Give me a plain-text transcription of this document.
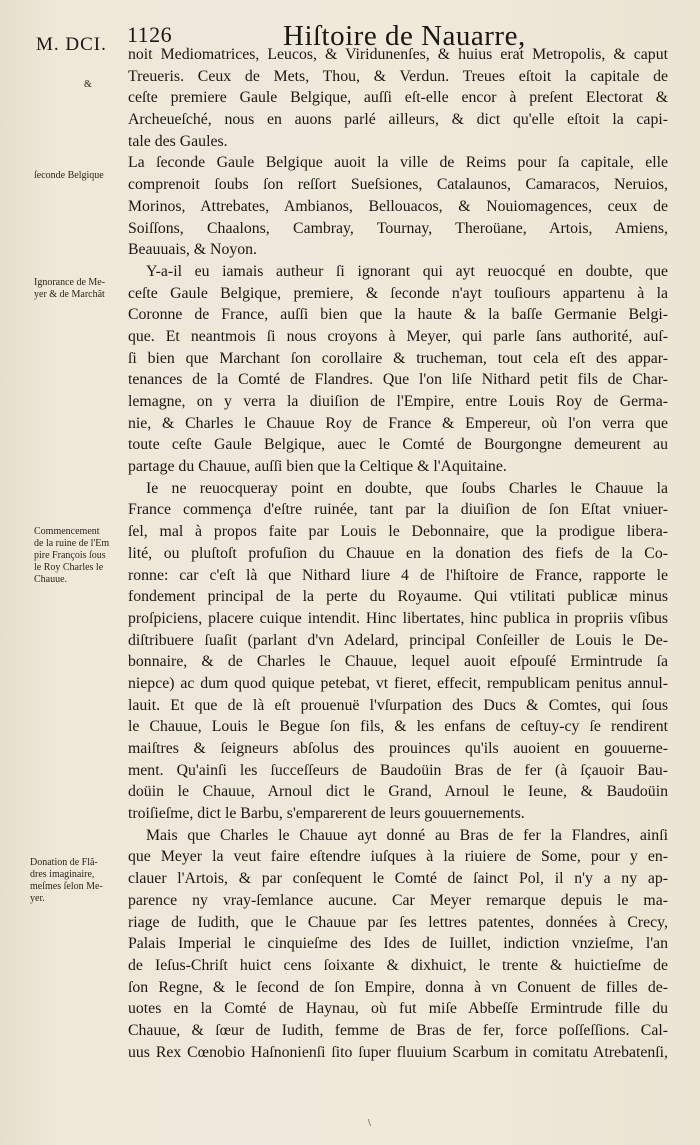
M. DCI. 1126	Hiſtoire de Nauarre,
&
ſeconde Belgique
Ignorance de Me-
yer & de Marchãt
Commencement
de la ruine de l'Em
pire François ſous
le Roy Charles le
Chauue.
Donation de Flã-
dres imaginaire,
meſmes ſelon Me-
yer.
noit Mediomatrices, Leucos, & Viridunenſes, & huius erat Metropolis, & caput
Treueris. Ceux de Mets, Thou, & Verdun. Treues eſtoit la capitale de
ceſte premiere Gaule Belgique, auſſi eſt-elle encor à preſent Electorat &
Archeueſché, nous en auons parlé ailleurs, & dict qu'elle eſtoit la capi-
tale des Gaules.
La ſeconde Gaule Belgique auoit la ville de Reims pour ſa capitale, elle
comprenoit ſoubs ſon reſſort Sueſsiones, Catalaunos, Camaracos, Neruios,
Morinos, Attrebates, Ambianos, Bellouacos, & Nouiomagences, ceux de
Soiſſons, Chaalons, Cambray, Tournay, Theroüane, Artois, Amiens,
Beauuais, & Noyon.
Y-a-il eu iamais autheur ſi ignorant qui ayt reuocqué en doubte, que
ceſte Gaule Belgique, premiere, & ſeconde n'ayt touſiours appartenu à la
Coronne de France, auſſi bien que la haute & la baſſe Germanie Belgi-
que. Et neantmois ſi nous croyons à Meyer, qui parle ſans authorité, auſ-
ſi bien que Marchant ſon corollaire & trucheman, tout cela eſt des appar-
tenances de la Comté de Flandres. Que l'on liſe Nithard petit fils de Char-
lemagne, on y verra la diuiſion de l'Empire, entre Louis Roy de Germa-
nie, & Charles le Chauue Roy de France & Empereur, où l'on verra que
toute ceſte Gaule Belgique, auec le Comté de Bourgongne demeurent au
partage du Chauue, auſſi bien que la Celtique & l'Aquitaine.
Ie ne reuocqueray point en doubte, que ſoubs Charles le Chauue la
France commença d'eſtre ruinée, tant par la diuiſion de ſon Eſtat vniuer-
ſel, mal à propos faite par Louis le Debonnaire, que la prodigue libera-
lité, ou pluſtoſt profuſion du Chauue en la donation des fiefs de la Co-
ronne: car c'eſt là que Nithard liure 4 de l'hiſtoire de France, rapporte le
fondement principal de la perte du Royaume. Qui vtilitati publicæ minus
proſpiciens, placere cuique intendit. Hinc libertates, hinc publica in propriis vſibus
diſtribuere ſuaſit (parlant d'vn Adelard, principal Conſeiller de Louis le De-
bonnaire, & de Charles le Chauue, lequel auoit eſpouſé Ermintrude ſa
niepce) ac dum quod quique petebat, vt fieret, effecit, rempublicam penitus annul-
lauit. Et que de là eſt prouenuë l'vſurpation des Ducs & Comtes, qui ſous
le Chauue, Louis le Begue ſon fils, & les enfans de ceſtuy-cy ſe rendirent
maiſtres & ſeigneurs abſolus des prouinces qu'ils auoient en gouuerne-
ment. Qu'ainſi les ſucceſſeurs de Baudoüin Bras de fer (à ſçauoir Bau-
doüin le Chauue, Arnoul dict le Grand, Arnoul le Ieune, & Baudoüin
troiſieſme, dict le Barbu, s'emparerent de leurs gouuernements.
Mais que Charles le Chauue ayt donné au Bras de fer la Flandres, ainſi
que Meyer la veut faire eſtendre iuſques à la riuiere de Some, pour y en-
clauer l'Artois, & par conſequent le Comté de ſainct Pol, il n'y a ny ap-
parence ny vray-ſemlance aucune. Car Meyer remarque depuis le ma-
riage de Iudith, que le Chauue par ſes lettres patentes, données à Crecy,
Palais Imperial le cinquieſme des Ides de Iuillet, indiction vnzieſme, l'an
de Ieſus-Chriſt huict cens ſoixante & dixhuict, le trente & huictieſme de
ſon Regne, & le ſecond de ſon Empire, donna à vn Conuent de filles de-
uotes en la Comté de Haynau, où fut miſe Abbeſſe Ermintrude fille du
Chauue, & ſœur de Iudith, femme de Bras de fer, force poſſeſſions. Cal-
uus Rex Cœnobio Haſnonienſi ſito ſuper fluuium Scarbum in comitatu Atrebatenſi,
\
